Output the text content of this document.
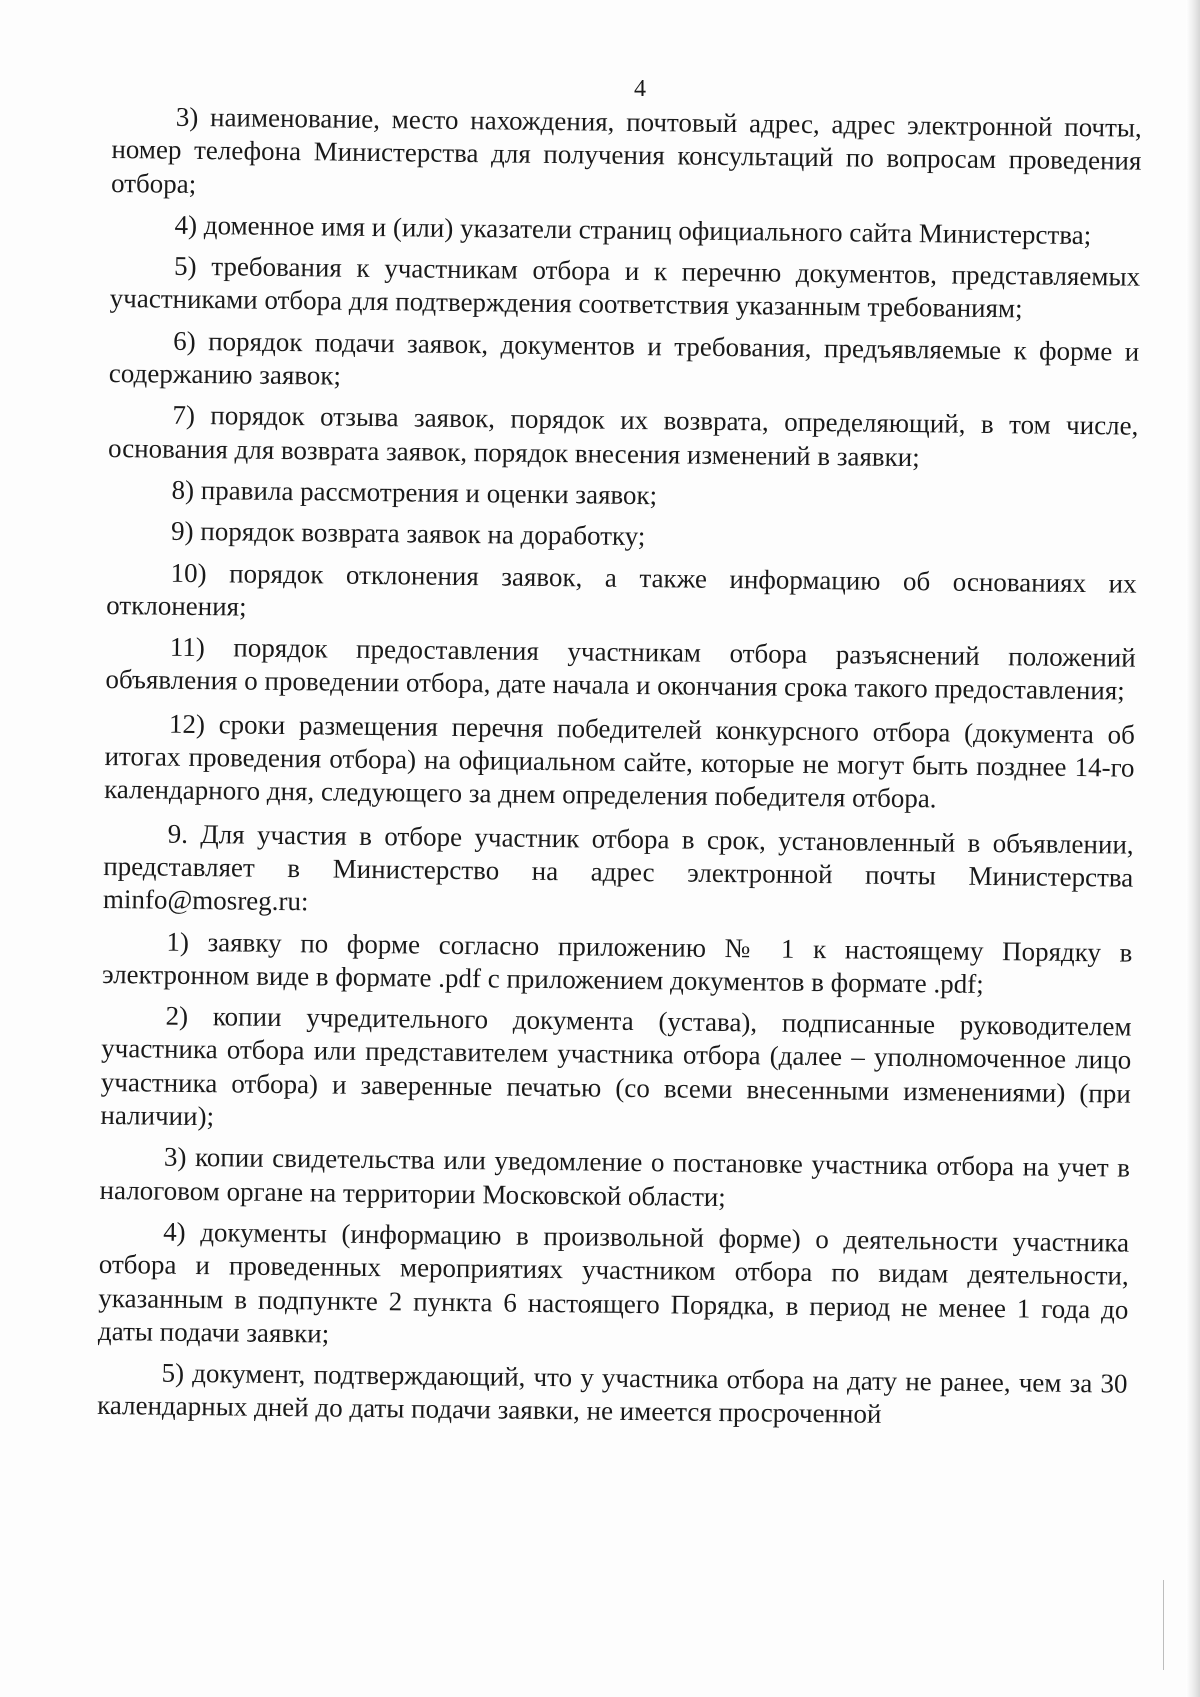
4

3) наименование, место нахождения, почтовый адрес, адрес электронной почты, номер телефона Министерства для получения консультаций по вопросам проведения отбора;

4) доменное имя и (или) указатели страниц официального сайта Министерства;

5) требования к участникам отбора и к перечню документов, представляемых участниками отбора для подтверждения соответствия указанным требованиям;

6) порядок подачи заявок, документов и требования, предъявляемые к форме и содержанию заявок;

7) порядок отзыва заявок, порядок их возврата, определяющий, в том числе, основания для возврата заявок, порядок внесения изменений в заявки;

8) правила рассмотрения и оценки заявок;

9) порядок возврата заявок на доработку;

10) порядок отклонения заявок, а также информацию об основаниях их отклонения;

11) порядок предоставления участникам отбора разъяснений положений объявления о проведении отбора, дате начала и окончания срока такого предоставления;

12) сроки размещения перечня победителей конкурсного отбора (документа об итогах проведения отбора) на официальном сайте, которые не могут быть позднее 14-го календарного дня, следующего за днем определения победителя отбора.

9. Для участия в отборе участник отбора в срок, установленный в объявлении, представляет в Министерство на адрес электронной почты Министерства minfo@mosreg.ru:

1) заявку по форме согласно приложению № 1 к настоящему Порядку в электронном виде в формате .pdf с приложением документов в формате .pdf;

2) копии учредительного документа (устава), подписанные руководителем участника отбора или представителем участника отбора (далее – уполномоченное лицо участника отбора) и заверенные печатью (со всеми внесенными изменениями) (при наличии);

3) копии свидетельства или уведомление о постановке участника отбора на учет в налоговом органе на территории Московской области;

4) документы (информацию в произвольной форме) о деятельности участника отбора и проведенных мероприятиях участником отбора по видам деятельности, указанным в подпункте 2 пункта 6 настоящего Порядка, в период не менее 1 года до даты подачи заявки;

5) документ, подтверждающий, что у участника отбора на дату не ранее, чем за 30 календарных дней до даты подачи заявки, не имеется просроченной
